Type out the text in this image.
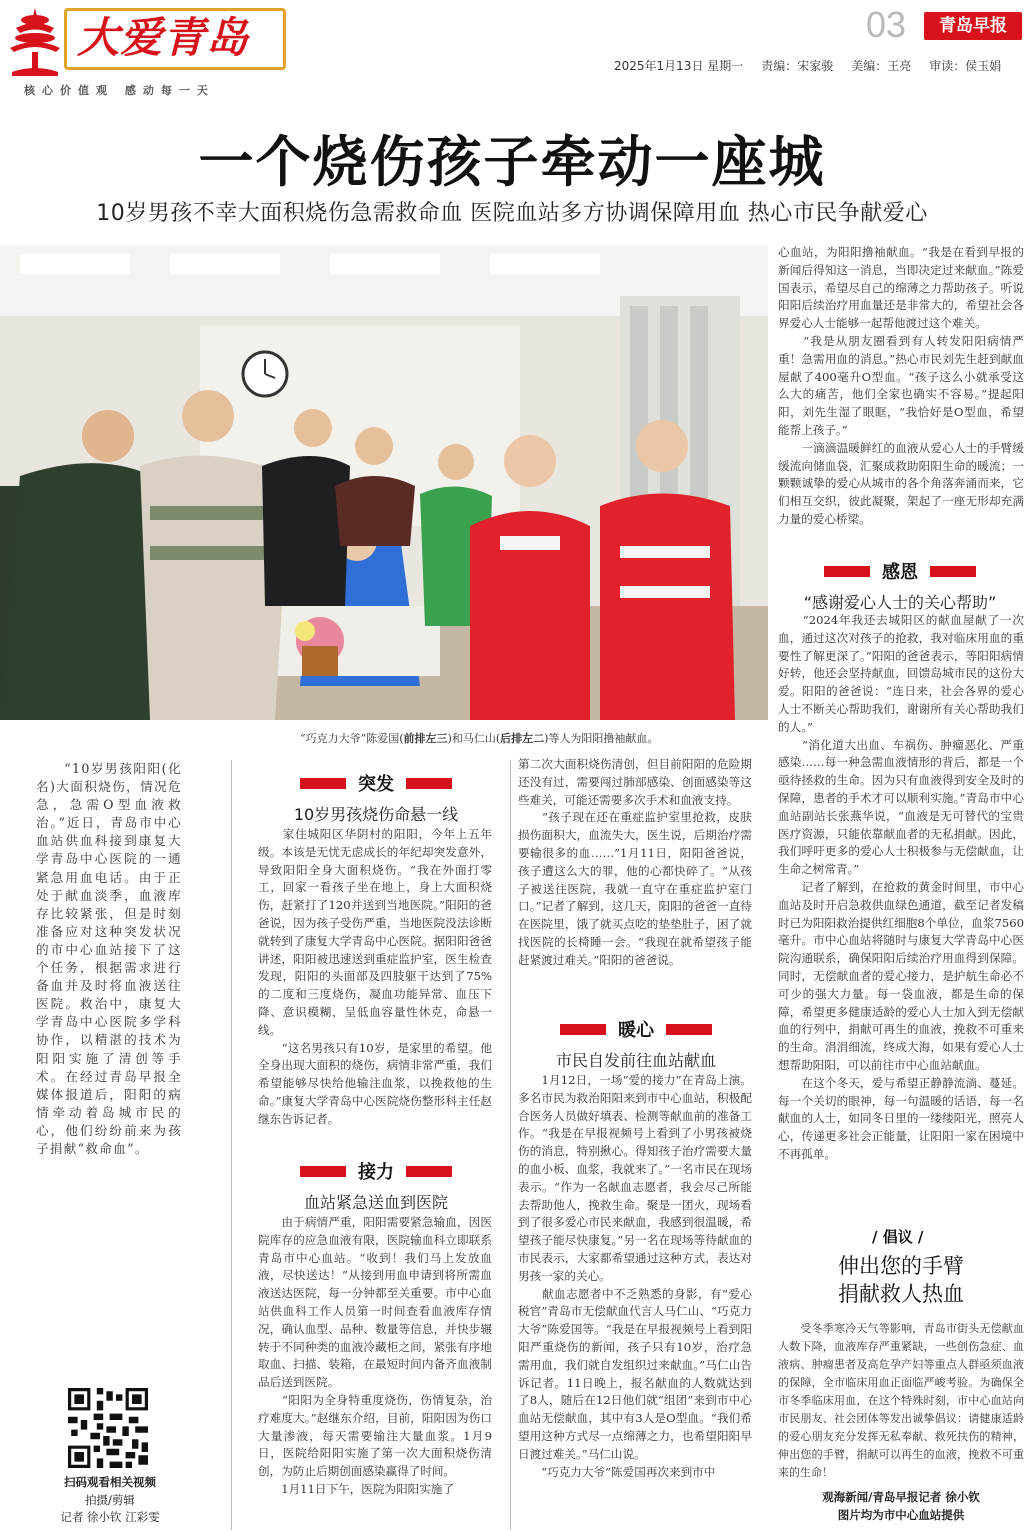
大爱青岛
核心价值观 感动每一天
03	青岛早报
2025年1月13日 星期一 责编：宋家骏 美编：王亮 审读：侯玉娟
一个烧伤孩子牵动一座城
10岁男孩不幸大面积烧伤急需救命血 医院血站多方协调保障用血 热心市民争献爱心
“巧克力大爷”陈爱国(前排左三)和马仁山(后排左二)等人为阳阳撸袖献血。
　　“10岁男孩阳阳(化名)大面积烧伤，情况危急，急需O型血液救治。”近日，青岛市中心血站供血科接到康复大学青岛中心医院的一通紧急用血电话。由于正处于献血淡季，血液库存比较紧张，但是时刻准备应对这种突发状况的市中心血站接下了这个任务，根据需求进行备血并及时将血液送往医院。救治中，康复大学青岛中心医院多学科协作，以精湛的技术为阳阳实施了清创等手术。在经过青岛早报全媒体报道后，阳阳的病情牵动着岛城市民的心，他们纷纷前来为孩子捐献“救命血”。
扫码观看相关视频
拍摄/剪辑
记者 徐小钦 江彩雯
突发
10岁男孩烧伤命悬一线
　　家住城阳区华阴村的阳阳，今年上五年级。本该是无忧无虑成长的年纪却突发意外，导致阳阳全身大面积烧伤。“我在外面打零工，回家一看孩子坐在地上，身上大面积烧伤，赶紧打了120并送到当地医院。”阳阳的爸爸说，因为孩子受伤严重，当地医院没法诊断就转到了康复大学青岛中心医院。据阳阳爸爸讲述，阳阳被迅速送到重症监护室，医生检查发现，阳阳的头面部及四肢躯干达到了75%的二度和三度烧伤，凝血功能异常、血压下降、意识模糊，呈低血容量性休克，命悬一线。
　　“这名男孩只有10岁，是家里的希望。他全身出现大面积的烧伤，病情非常严重，我们希望能够尽快给他输注血浆，以挽救他的生命。”康复大学青岛中心医院烧伤整形科主任赵继东告诉记者。
接力
血站紧急送血到医院
　　由于病情严重，阳阳需要紧急输血，因医院库存的应急血液有限，医院输血科立即联系青岛市中心血站。“收到！我们马上发放血液，尽快送达！”从接到用血申请到将所需血液送达医院，每一分钟都至关重要。市中心血站供血科工作人员第一时间查看血液库存情况，确认血型、品种、数量等信息，并快步辗转于不同种类的血液冷藏柜之间，紧张有序地取血、扫描、装箱，在最短时间内备齐血液制品后送到医院。
　　“阳阳为全身特重度烧伤，伤情复杂，治疗难度大。”赵继东介绍，目前，阳阳因为伤口大量渗液，每天需要输注大量血浆。1月9日，医院给阳阳实施了第一次大面积烧伤清创，为防止后期创面感染赢得了时间。
　　1月11日下午，医院为阳阳实施了
第二次大面积烧伤清创，但目前阳阳的危险期还没有过，需要闯过肺部感染、创面感染等这些难关，可能还需要多次手术和血液支持。
　　“孩子现在还在重症监护室里抢救，皮肤损伤面积大，血流失大，医生说，后期治疗需要输很多的血……”1月11日，阳阳爸爸说，孩子遭这么大的罪，他的心都快碎了。“从孩子被送往医院，我就一直守在重症监护室门口。”记者了解到，这几天，阳阳的爸爸一直待在医院里，饿了就买点吃的垫垫肚子，困了就找医院的长椅睡一会。“我现在就希望孩子能赶紧渡过难关。”阳阳的爸爸说。
暖心
市民自发前往血站献血
　　1月12日，一场“爱的接力”在青岛上演。多名市民为救治阳阳来到市中心血站，积极配合医务人员做好填表、检测等献血前的准备工作。“我是在早报视频号上看到了小男孩被烧伤的消息，特别揪心。得知孩子治疗需要大量的血小板、血浆，我就来了。”一名市民在现场表示。“作为一名献血志愿者，我会尽己所能去帮助他人，挽救生命。聚是一团火，现场看到了很多爱心市民来献血，我感到很温暖，希望孩子能尽快康复。”另一名在现场等待献血的市民表示，大家都希望通过这种方式，表达对男孩一家的关心。
　　献血志愿者中不乏熟悉的身影，有“爱心税官”青岛市无偿献血代言人马仁山、“巧克力大爷”陈爱国等。“我是在早报视频号上看到阳阳严重烧伤的新闻，孩子只有10岁，治疗急需用血，我们就自发组织过来献血。”马仁山告诉记者。11日晚上，报名献血的人数就达到了8人，随后在12日他们就“组团”来到市中心血站无偿献血，其中有3人是O型血。“我们希望用这种方式尽一点绵薄之力，也希望阳阳早日渡过难关。”马仁山说。
　　“巧克力大爷”陈爱国再次来到市中
心血站，为阳阳撸袖献血。“我是在看到早报的新闻后得知这一消息，当即决定过来献血。”陈爱国表示，希望尽自己的绵薄之力帮助孩子。听说阳阳后续治疗用血量还是非常大的，希望社会各界爱心人士能够一起帮他渡过这个难关。
　　“我是从朋友圈看到有人转发阳阳病情严重！急需用血的消息。”热心市民刘先生赶到献血屋献了400毫升O型血。“孩子这么小就承受这么大的痛苦，他们全家也确实不容易。”提起阳阳，刘先生湿了眼眶，“我恰好是O型血，希望能帮上孩子。”
　　一滴滴温暖鲜红的血液从爱心人士的手臂缓缓流向储血袋，汇聚成救助阳阳生命的暖流；一颗颗诚挚的爱心从城市的各个角落奔涌而来，它们相互交织，彼此凝聚，架起了一座无形却充满力量的爱心桥梁。
感恩
“感谢爱心人士的关心帮助”
　　“2024年我还去城阳区的献血屋献了一次血，通过这次对孩子的抢救，我对临床用血的重要性了解更深了。”阳阳的爸爸表示，等阳阳病情好转，他还会坚持献血，回馈岛城市民的这份大爱。阳阳的爸爸说：“连日来，社会各界的爱心人士不断关心帮助我们，谢谢所有关心帮助我们的人。”
　　“消化道大出血、车祸伤、肿瘤恶化、严重感染……每一种急需血液情形的背后，都是一个亟待拯救的生命。因为只有血液得到安全及时的保障，患者的手术才可以顺利实施。”青岛市中心血站副站长张燕华说，“血液是无可替代的宝贵医疗资源，只能依靠献血者的无私捐献。因此，我们呼吁更多的爱心人士积极参与无偿献血，让生命之树常青。”
　　记者了解到，在抢救的黄金时间里，市中心血站及时开启急救供血绿色通道，截至记者发稿时已为阳阳救治提供红细胞8个单位，血浆7560毫升。市中心血站将随时与康复大学青岛中心医院沟通联系，确保阳阳后续治疗用血得到保障。同时，无偿献血者的爱心接力，是护航生命必不可少的强大力量。每一袋血液，都是生命的保障，希望更多健康适龄的爱心人士加入到无偿献血的行列中，捐献可再生的血液，挽救不可重来的生命。涓涓细流，终成大海，如果有爱心人士想帮助阳阳，可以前往市中心血站献血。
　　在这个冬天，爱与希望正静静流淌、蔓延。每一个关切的眼神，每一句温暖的话语，每一名献血的人士，如同冬日里的一缕缕阳光，照亮人心，传递更多社会正能量，让阳阳一家在困境中不再孤单。
/ 倡议 /
伸出您的手臂
捐献救人热血
　　受冬季寒冷天气等影响，青岛市街头无偿献血人数下降，血液库存严重紧缺，一些创伤急症、血液病、肿瘤患者及高危孕产妇等重点人群亟须血液的保障，全市临床用血正面临严峻考验。为确保全市冬季临床用血，在这个特殊时刻，市中心血站向市民朋友、社会团体等发出诚挚倡议：请健康适龄的爱心朋友充分发挥无私奉献、救死扶伤的精神，伸出您的手臂，捐献可以再生的血液，挽救不可重来的生命！
观海新闻/青岛早报记者 徐小钦
图片均为市中心血站提供
